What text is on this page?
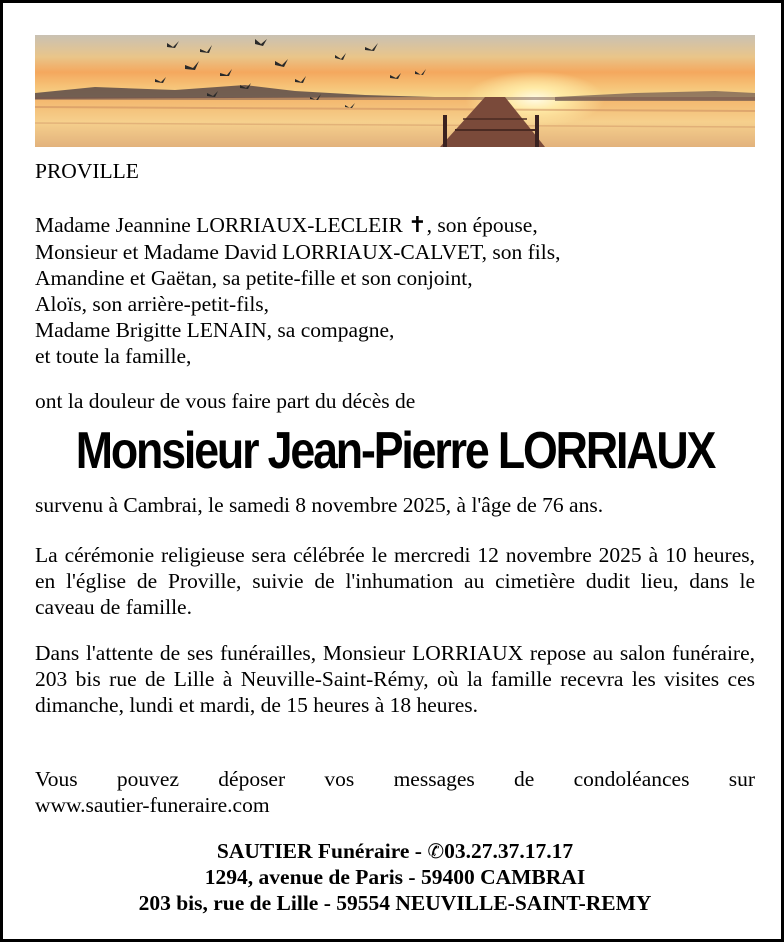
PROVILLE
Madame Jeannine LORRIAUX-LECLEIR ✝, son épouse,
Monsieur et Madame David LORRIAUX-CALVET, son fils,
Amandine et Gaëtan, sa petite-fille et son conjoint,
Aloïs, son arrière-petit-fils,
Madame Brigitte LENAIN, sa compagne,
et toute la famille,
ont la douleur de vous faire part du décès de
Monsieur Jean-Pierre LORRIAUX
survenu à Cambrai, le samedi 8 novembre 2025, à l'âge de 76 ans.
La cérémonie religieuse sera célébrée le mercredi 12 novembre 2025 à 10 heures, en l'église de Proville, suivie de l'inhumation au cimetière dudit lieu, dans le caveau de famille.
Dans l'attente de ses funérailles, Monsieur LORRIAUX repose au salon funéraire, 203 bis rue de Lille à Neuville-Saint-Rémy, où la famille recevra les visites ces dimanche, lundi et mardi, de 15 heures à 18 heures.
Vous pouvez déposer vos messages de condoléances sur
www.sautier-funeraire.com
SAUTIER Funéraire - ✆03.27.37.17.17
1294, avenue de Paris - 59400 CAMBRAI
203 bis, rue de Lille - 59554 NEUVILLE-SAINT-REMY
